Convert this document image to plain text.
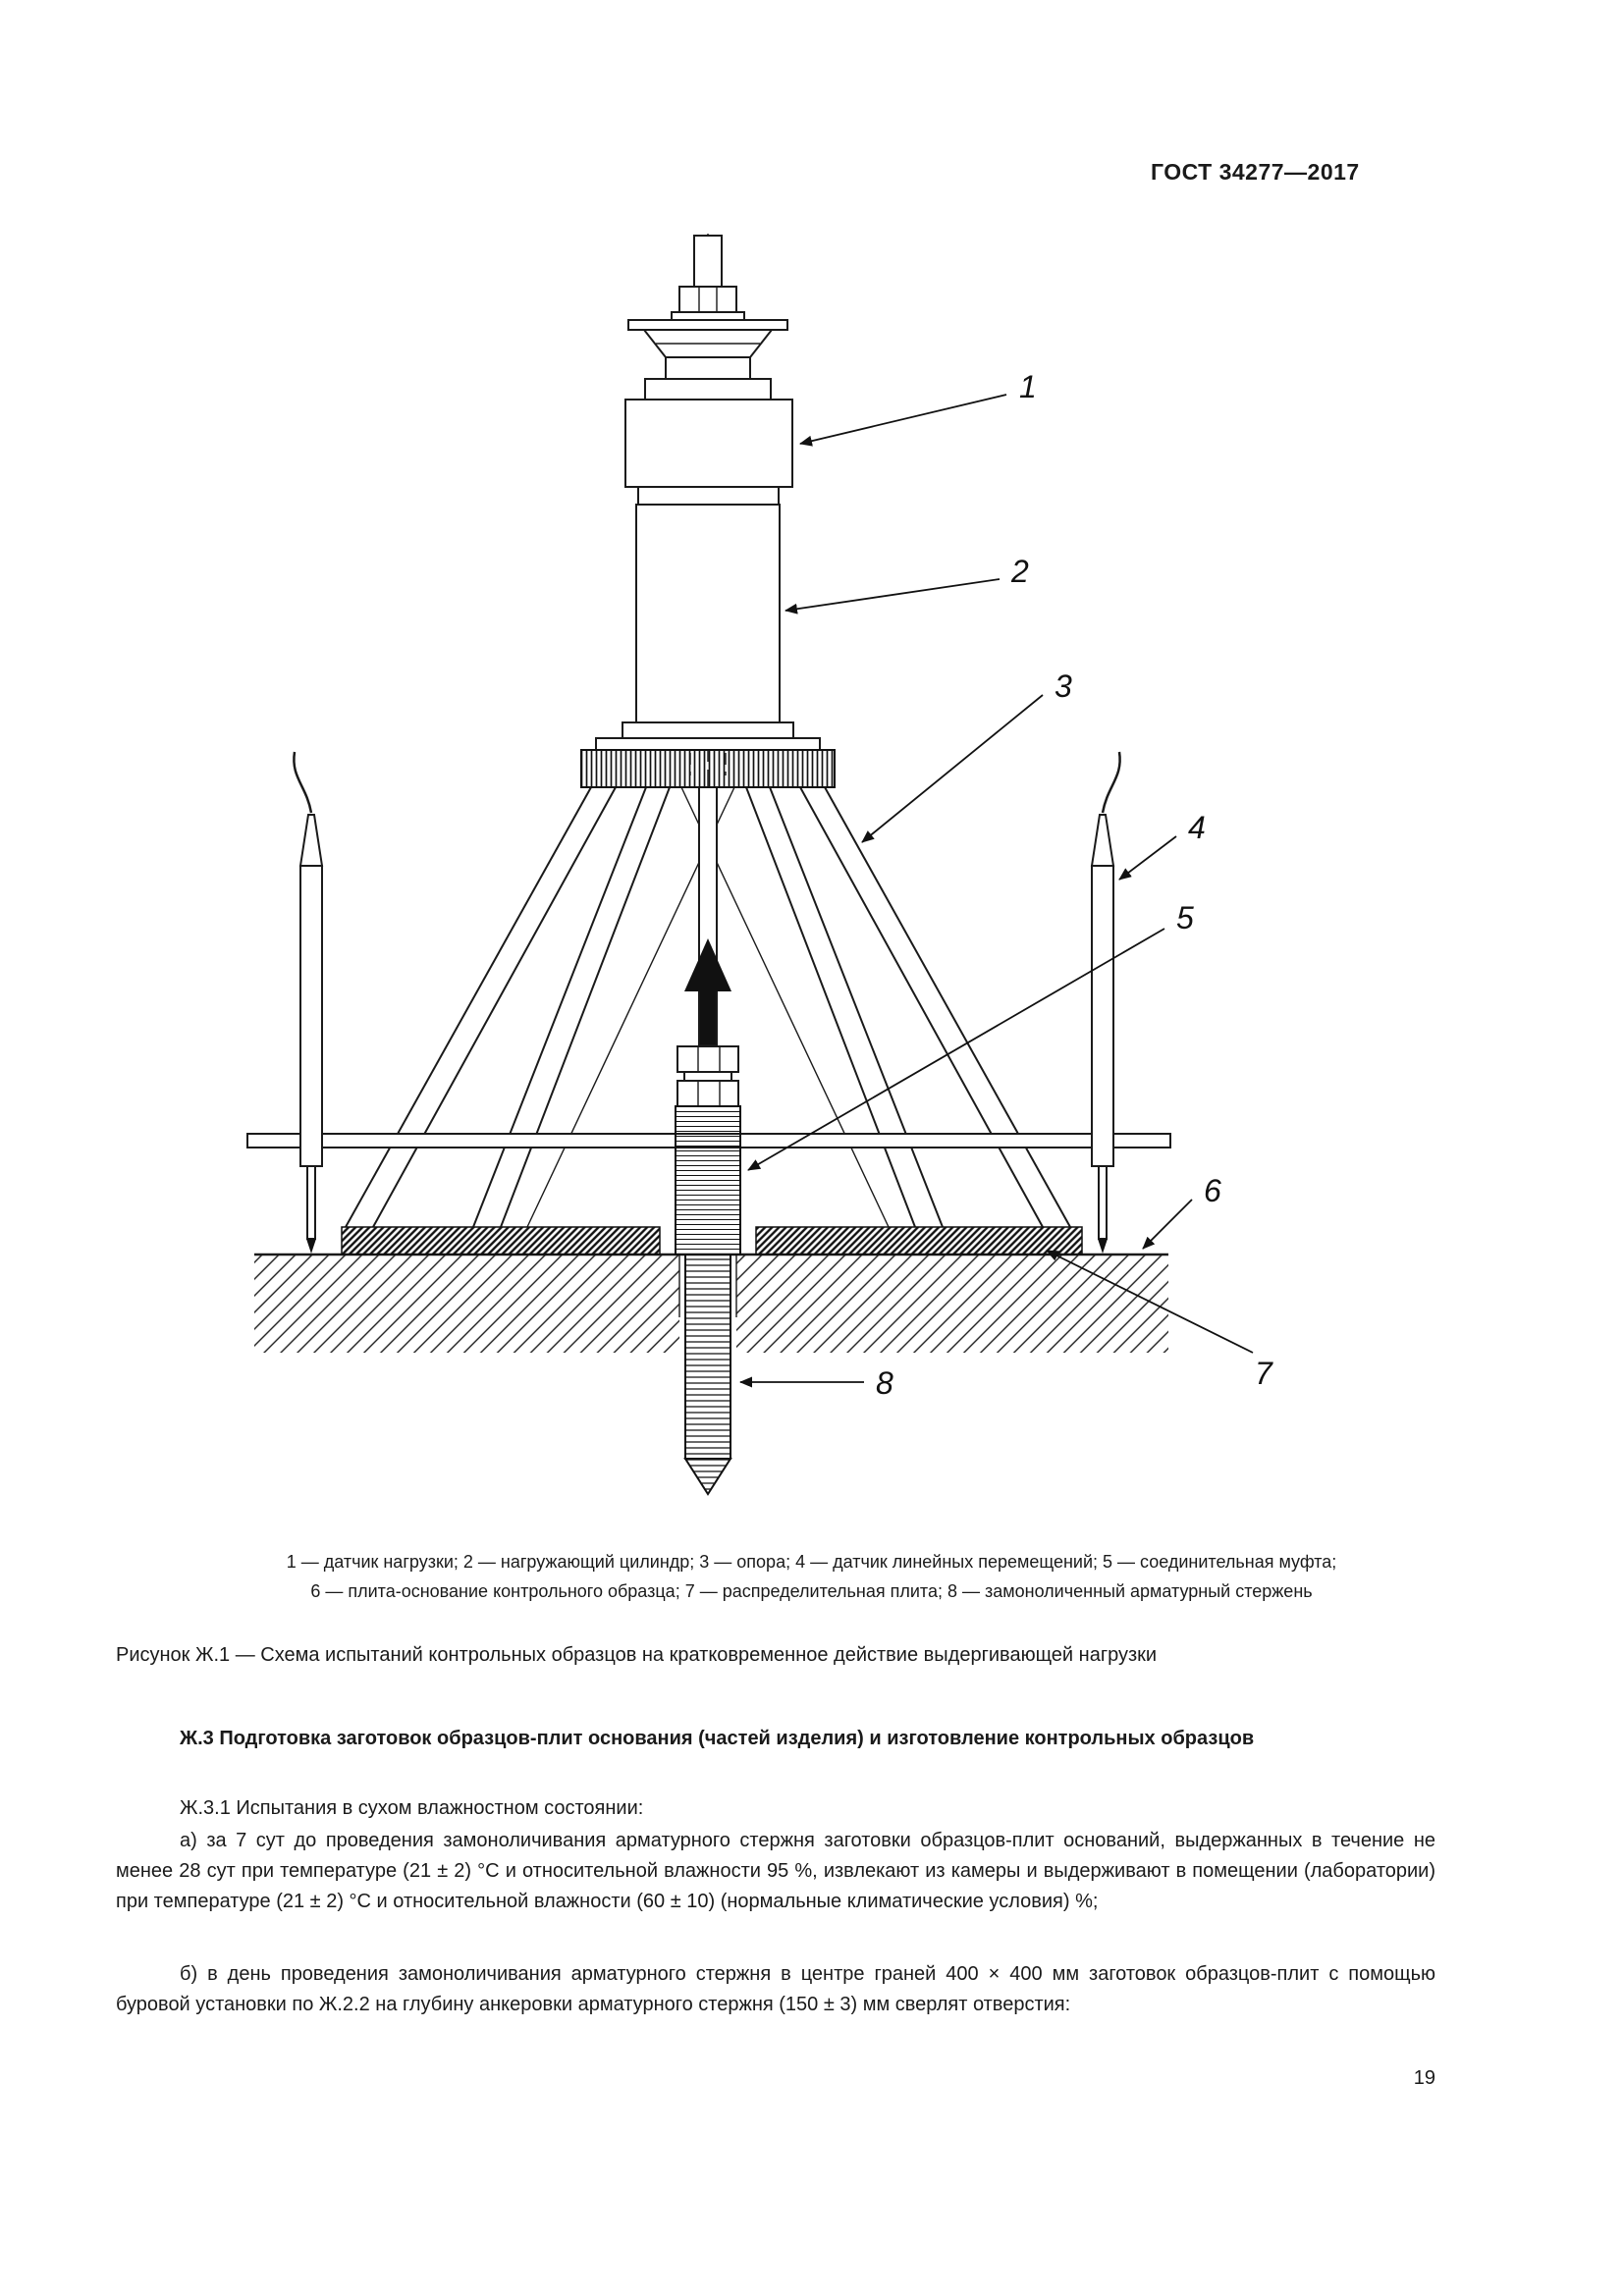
ГОСТ 34277—2017
1
2
3
4
5
6
7
8
1 — датчик нагрузки; 2 — нагружающий цилиндр; 3 — опора; 4 — датчик линейных перемещений; 5 — соединительная муфта;
6 — плита-основание контрольного образца; 7 — распределительная плита; 8 — замоноличенный арматурный стержень
Рисунок Ж.1 — Схема испытаний контрольных образцов на кратковременное действие выдергивающей нагрузки
Ж.3 Подготовка заготовок образцов-плит основания (частей изделия) и изготовление контрольных образцов

Ж.3.1 Испытания в сухом влажностном состоянии:

а) за 7 сут до проведения замоноличивания арматурного стержня заготовки образцов-плит оснований, выдержанных в течение не менее 28 сут при температуре (21 ± 2) °С и относительной влажности 95 %, извлекают из камеры и выдерживают в помещении (лаборатории) при температуре (21 ± 2) °С и относительной влажности (60 ± 10) (нормальные климатические условия) %;

б) в день проведения замоноличивания арматурного стержня в центре граней 400 × 400 мм заготовок образцов-плит с помощью буровой установки по Ж.2.2 на глубину анкеровки арматурного стержня (150 ± 3) мм сверлят отверстия:

19
